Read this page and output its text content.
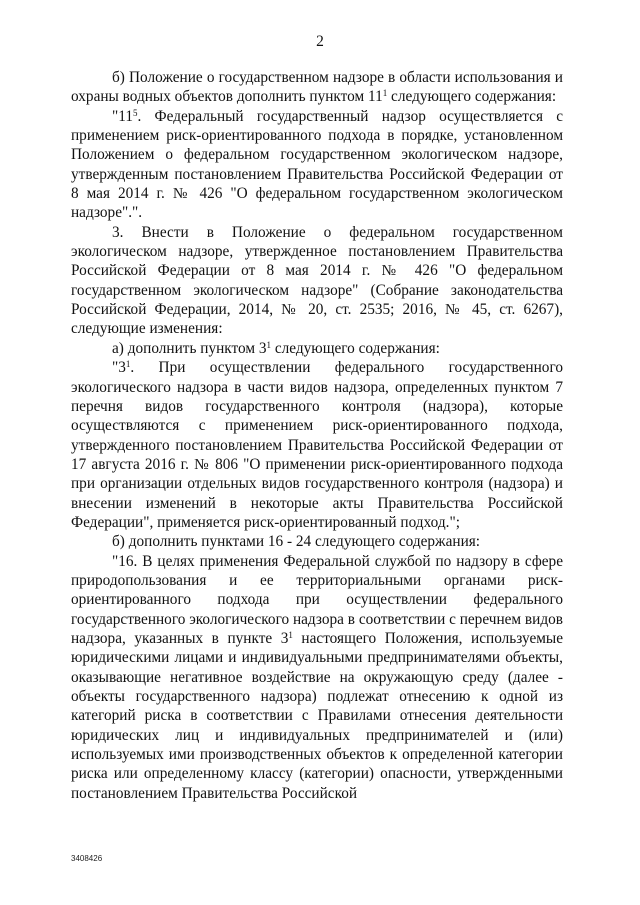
2

б) Положение о государственном надзоре в области использования и охраны водных объектов дополнить пунктом $11^1$ следующего содержания:

"$11^5$. Федеральный государственный надзор осуществляется с применением риск-ориентированного подхода в порядке, установленном Положением о федеральном государственном экологическом надзоре, утвержденным постановлением Правительства Российской Федерации от 8 мая 2014 г. № 426 "О федеральном государственном экологическом надзоре".".

3. Внести в Положение о федеральном государственном экологическом надзоре, утвержденное постановлением Правительства Российской Федерации от 8 мая 2014 г. № 426 "О федеральном государственном экологическом надзоре" (Собрание законодательства Российской Федерации, 2014, № 20, ст. 2535; 2016, № 45, ст. 6267), следующие изменения:

а) дополнить пунктом $3^1$ следующего содержания:

"$3^1$. При осуществлении федерального государственного экологического надзора в части видов надзора, определенных пунктом 7 перечня видов государственного контроля (надзора), которые осуществляются с применением риск-ориентированного подхода, утвержденного постановлением Правительства Российской Федерации от 17 августа 2016 г. № 806 "О применении риск-ориентированного подхода при организации отдельных видов государственного контроля (надзора) и внесении изменений в некоторые акты Правительства Российской Федерации", применяется риск-ориентированный подход.";

б) дополнить пунктами 16 - 24 следующего содержания:

"16. В целях применения Федеральной службой по надзору в сфере природопользования и ее территориальными органами риск-ориентированного подхода при осуществлении федерального государственного экологического надзора в соответствии с перечнем видов надзора, указанных в пункте $3^1$ настоящего Положения, используемые юридическими лицами и индивидуальными предпринимателями объекты, оказывающие негативное воздействие на окружающую среду (далее - объекты государственного надзора) подлежат отнесению к одной из категорий риска в соответствии с Правилами отнесения деятельности юридических лиц и индивидуальных предпринимателей и (или) используемых ими производственных объектов к определенной категории риска или определенному классу (категории) опасности, утвержденными постановлением Правительства Российской

3408426
